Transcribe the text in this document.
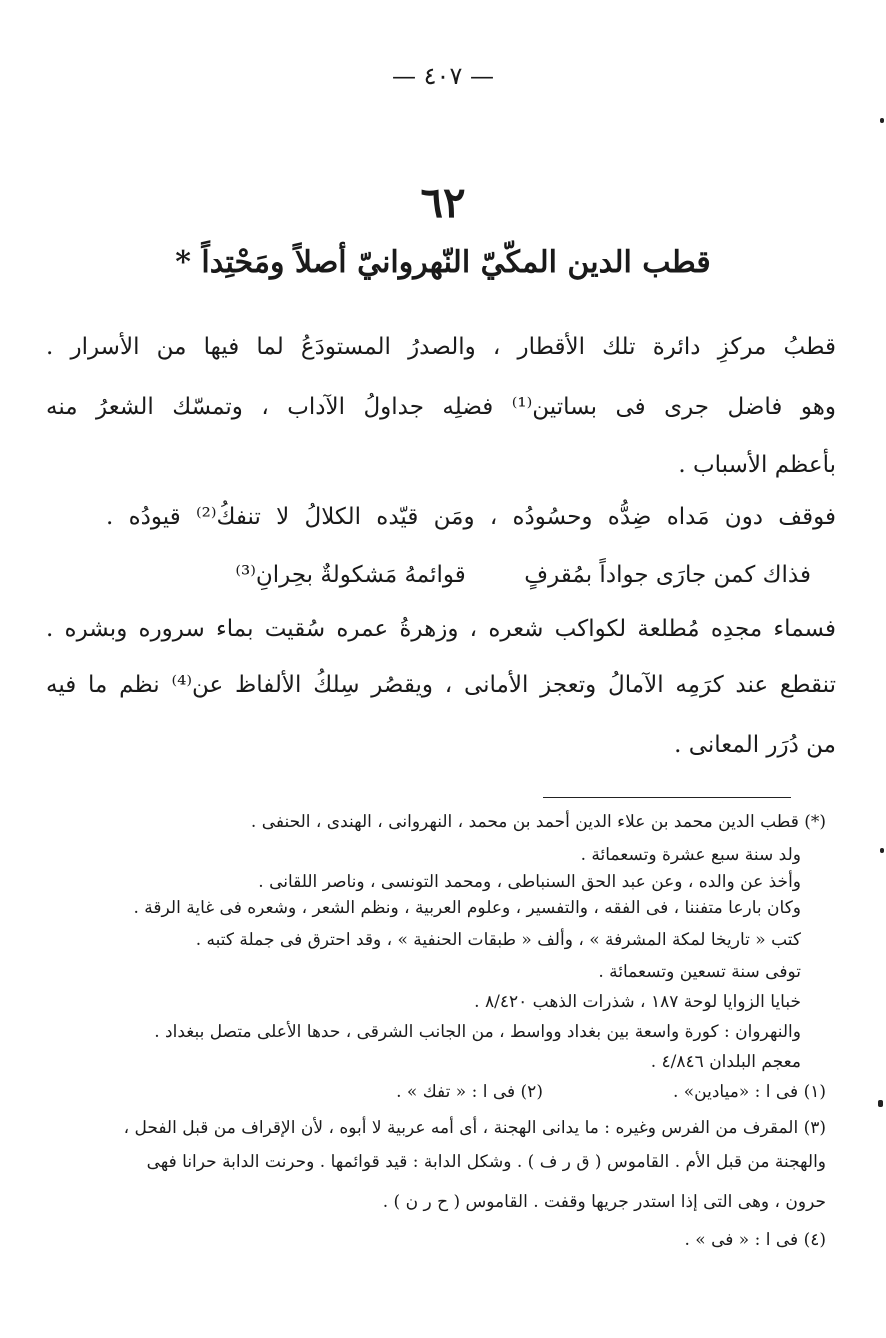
— ٤٠٧ —
٦٢
قطب الدين المكّيّ النّهروانيّ أصلاً ومَحْتِداً *
قطبُ مركزِ دائرة تلك الأقطار ، والصدرُ المستودَعُ لما فيها من الأسرار .
وهو فاضل جرى فى بساتين⁽¹⁾ فضلِه جداولُ الآداب ، وتمسّك الشعرُ منه
بأعظم الأسباب .
فوقف دون مَداه ضِدُّه وحسُودُه ، ومَن قيّده الكلالُ لا تنفكُ⁽²⁾ قيودُه .
فذاك كمن جارَى جواداً بمُقرفٍ        قوائمهُ مَشكولةٌ بحِرانِ⁽³⁾
فسماء مجدِه مُطلعة لكواكب شعره ، وزهرةُ عمره سُقيت بماء سروره وبشره .
تنقطع عند كرَمِه الآمالُ وتعجز الأمانى ، ويقصُر سِلكُ الألفاظ عن⁽⁴⁾ نظم ما فيه
من دُرَر المعانى .
(*) قطب الدين محمد بن علاء الدين أحمد بن محمد ، النهروانى ، الهندى ، الحنفى .
ولد سنة سبع عشرة وتسعمائة .
وأخذ عن والده ، وعن عبد الحق السنباطى ، ومحمد التونسى ، وناصر اللقانى .
وكان بارعا متفننا ، فى الفقه ، والتفسير ، وعلوم العربية ، ونظم الشعر ، وشعره فى غاية الرقة .
كتب « تاريخا لمكة المشرفة » ، وألف « طبقات الحنفية » ، وقد احترق فى جملة كتبه .
توفى سنة تسعين وتسعمائة .
خبايا الزوايا لوحة ١٨٧ ، شذرات الذهب ٨/٤٢٠ .
والنهروان : كورة واسعة بين بغداد وواسط ، من الجانب الشرقى ، حدها الأعلى متصل ببغداد .
معجم البلدان ٤/٨٤٦ .
(١) فى ا : «ميادين» .
(٢) فى ا : « تفك » .
(٣) المقرف من الفرس وغيره : ما يدانى الهجنة ، أى أمه عربية لا أبوه ، لأن الإقراف من قبل الفحل ،
والهجنة من قبل الأم . القاموس ( ق ر ف ) . وشكل الدابة : قيد قوائمها . وحرنت الدابة حرانا فهى
حرون ، وهى التى إذا استدر جريها وقفت . القاموس ( ح ر ن ) .
(٤) فى ا : « فى » .
